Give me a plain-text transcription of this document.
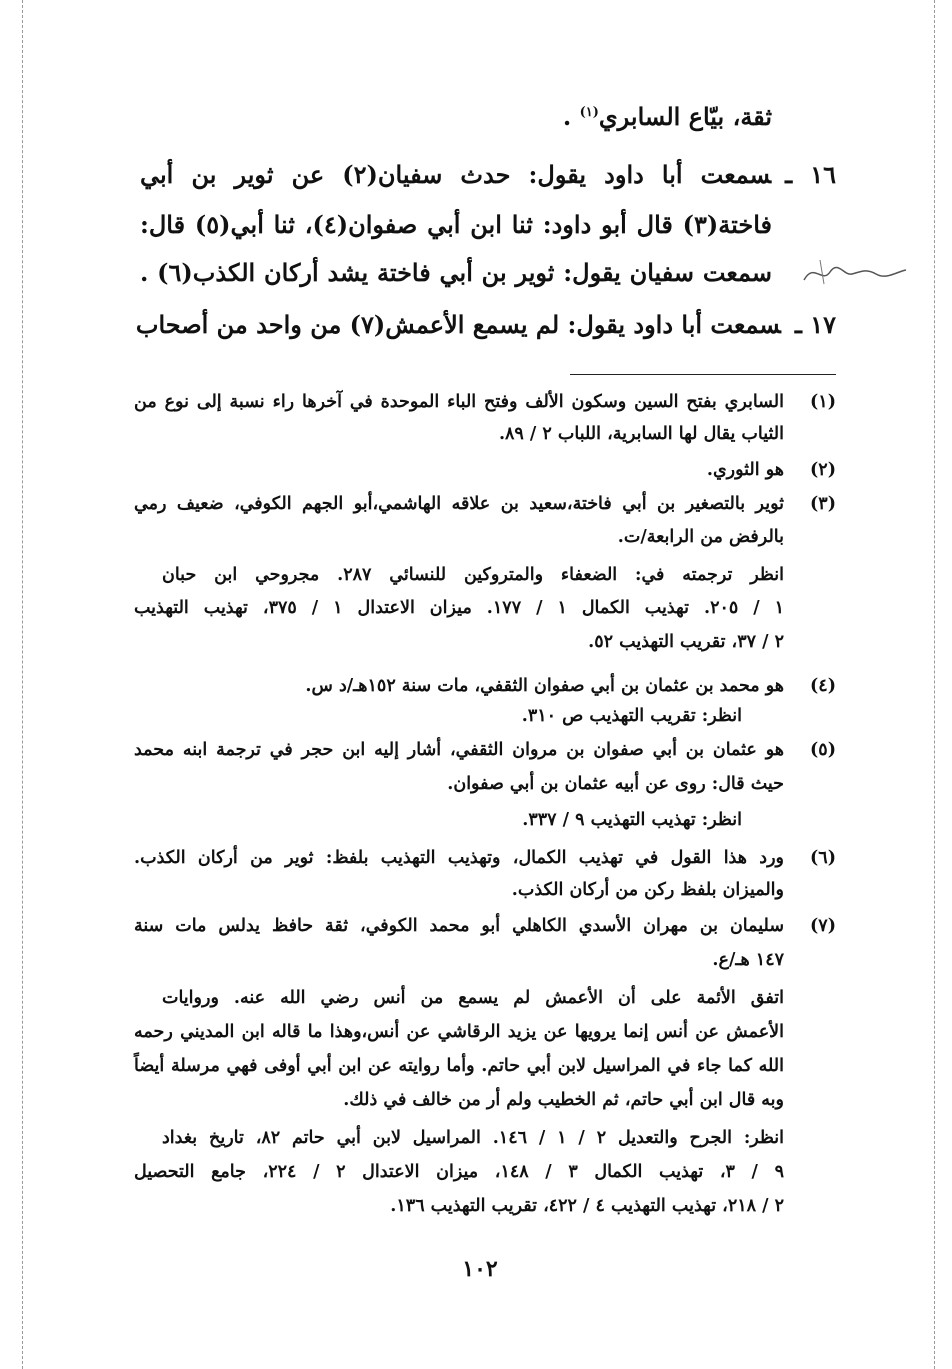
ثقة، بيّاع السابري$^{(١)}$ .
١٦ ـسمعت أبا داود يقول: حدث سفيان(٢) عن ثوير بن أبي
فاختة(٣) قال أبو داود: ثنا ابن أبي صفوان(٤)، ثنا أبي(٥) قال:
سمعت سفيان يقول: ثوير بن أبي فاختة يشد أركان الكذب(٦) .
١٧ ـسمعت أبا داود يقول: لم يسمع الأعمش(٧) من واحد من أصحاب
(١)
السابري بفتح السين وسكون الألف وفتح الباء الموحدة في آخرها راء نسبة إلى نوع من
الثياب يقال لها السابرية، اللباب ٢ / ٨٩.
(٢)
هو الثوري.
(٣)
ثوير بالتصغير بن أبي فاختة،سعيد بن علاقه الهاشمي،أبو الجهم الكوفي، ضعيف رمي
بالرفض من الرابعة/ت.
انظر ترجمته في: الضعفاء والمتروكين للنسائي ٢٨٧. مجروحي ابن حبان
١ / ٢٠٥. تهذيب الكمال ١ / ١٧٧. ميزان الاعتدال ١ / ٣٧٥، تهذيب التهذيب
٢ / ٣٧، تقريب التهذيب ٥٢.
(٤)
هو محمد بن عثمان بن أبي صفوان الثقفي، مات سنة ١٥٢هـ/د س.
انظر: تقريب التهذيب ص ٣١٠.
(٥)
هو عثمان بن أبي صفوان بن مروان الثقفي، أشار إليه ابن حجر في ترجمة ابنه محمد
حيث قال: روى عن أبيه عثمان بن أبي صفوان.
انظر: تهذيب التهذيب ٩ / ٣٣٧.
(٦)
ورد هذا القول في تهذيب الكمال، وتهذيب التهذيب بلفظ: ثوير من أركان الكذب.
والميزان بلفظ ركن من أركان الكذب.
(٧)
سليمان بن مهران الأسدي الكاهلي أبو محمد الكوفي، ثقة حافظ يدلس مات سنة
١٤٧ هـ/ع.
اتفق الأئمة على أن الأعمش لم يسمع من أنس رضي الله عنه. وروايات
الأعمش عن أنس إنما يرويها عن يزيد الرقاشي عن أنس،وهذا ما قاله ابن المديني رحمه
الله كما جاء في المراسيل لابن أبي حاتم. وأما روايته عن ابن أبي أوفى فهي مرسلة أيضاً
وبه قال ابن أبي حاتم، ثم الخطيب ولم أر من خالف في ذلك.
انظر: الجرح والتعديل ٢ / ١ / ١٤٦. المراسيل لابن أبي حاتم ٨٢، تاريخ بغداد
٩ / ٣، تهذيب الكمال ٣ / ١٤٨، ميزان الاعتدال ٢ / ٢٢٤، جامع التحصيل
٢ / ٢١٨، تهذيب التهذيب ٤ / ٤٢٢، تقريب التهذيب ١٣٦.
١٠٢
